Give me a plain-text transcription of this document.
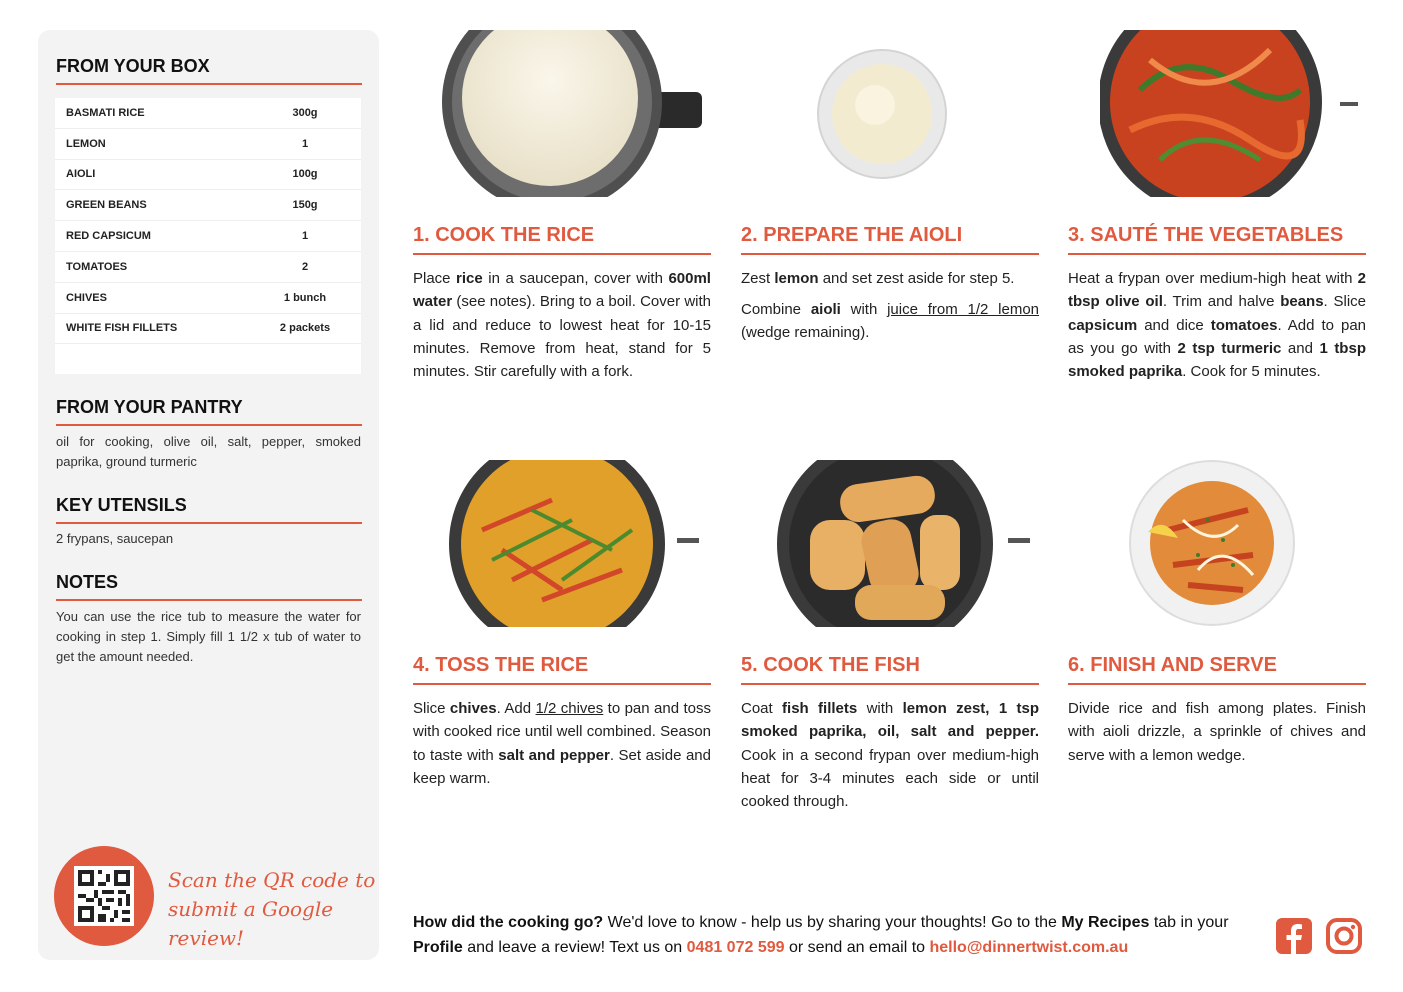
FROM YOUR BOX
BASMATI RICE	300g
LEMON	1
AIOLI	100g
GREEN BEANS	150g
RED CAPSICUM	1
TOMATOES	2
CHIVES	1 bunch
WHITE FISH FILLETS	2 packets
FROM YOUR PANTRY
oil for cooking, olive oil, salt, pepper, smoked paprika, ground turmeric
KEY UTENSILS
2 frypans, saucepan
NOTES
You can use the rice tub to measure the water for cooking in step 1. Simply fill 1 1/2 x tub of water to get the amount needed.
Scan the QR code to
submit a Google review!
1. COOK THE RICE
Place rice in a saucepan, cover with 600ml water (see notes). Bring to a boil. Cover with a lid and reduce to lowest heat for 10-15 minutes. Remove from heat, stand for 5 minutes. Stir carefully with a fork.
2. PREPARE THE AIOLI
Zest lemon and set zest aside for step 5.
Combine aioli with juice from 1/2 lemon (wedge remaining).
3. SAUTÉ THE VEGETABLES
Heat a frypan over medium-high heat with 2 tbsp olive oil. Trim and halve beans. Slice capsicum and dice tomatoes. Add to pan as you go with 2 tsp turmeric and 1 tbsp smoked paprika. Cook for 5 minutes.
4. TOSS THE RICE
Slice chives. Add 1/2 chives to pan and toss with cooked rice until well combined. Season to taste with salt and pepper. Set aside and keep warm.
5. COOK THE FISH
Coat fish fillets with lemon zest, 1 tsp smoked paprika, oil, salt and pepper. Cook in a second frypan over medium-high heat for 3-4 minutes each side or until cooked through.
6. FINISH AND SERVE
Divide rice and fish among plates. Finish with aioli drizzle, a sprinkle of chives and serve with a lemon wedge.
How did the cooking go? We'd love to know - help us by sharing your thoughts! Go to the My Recipes tab in your Profile and leave a review! Text us on 0481 072 599 or send an email to hello@dinnertwist.com.au
